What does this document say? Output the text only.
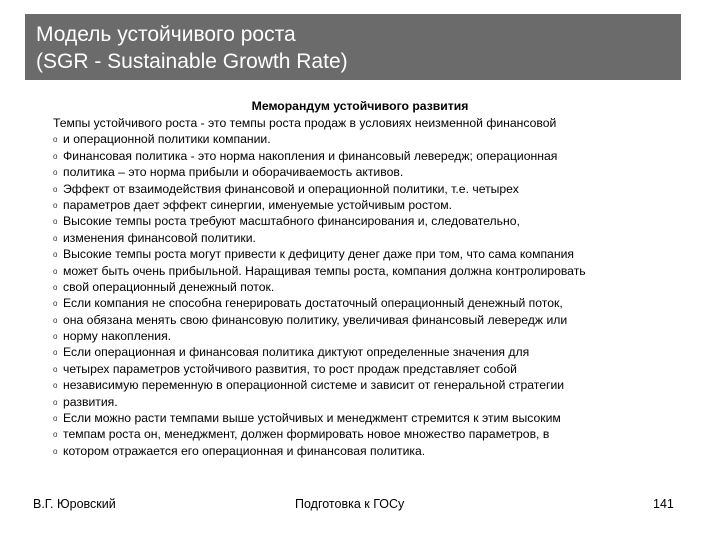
Модель устойчивого роста
(SGR - Sustainable Growth Rate)
Меморандум устойчивого развития
Темпы устойчивого роста - это темпы роста продаж в условиях неизменной финансовой
o и операционной политики компании.
o Финансовая политика - это норма накопления и финансовый левередж; операционная
o политика – это норма прибыли и оборачиваемость активов.
o Эффект от взаимодействия финансовой и операционной политики, т.е. четырех
o параметров дает эффект синергии, именуемые устойчивым ростом.
o Высокие темпы роста требуют масштабного финансирования и, следовательно,
o изменения финансовой политики.
o Высокие темпы роста могут привести к дефициту денег даже при том, что сама компания
o может быть очень прибыльной. Наращивая темпы роста, компания должна контролировать
o свой операционный денежный поток.
o Если компания не способна генерировать достаточный операционный денежный поток,
o она обязана менять свою финансовую политику, увеличивая финансовый левередж или
o норму накопления.
o Если операционная и финансовая политика диктуют определенные значения для
o четырех параметров устойчивого развития, то рост продаж представляет собой
o независимую переменную в операционной системе и зависит от генеральной стратегии
o развития.
o Если можно расти темпами выше устойчивых и менеджмент стремится к этим высоким
o темпам роста он, менеджмент, должен формировать новое множество параметров, в
o котором отражается его операционная и финансовая политика.
В.Г. Юровский	Подготовка к ГОСу	141
